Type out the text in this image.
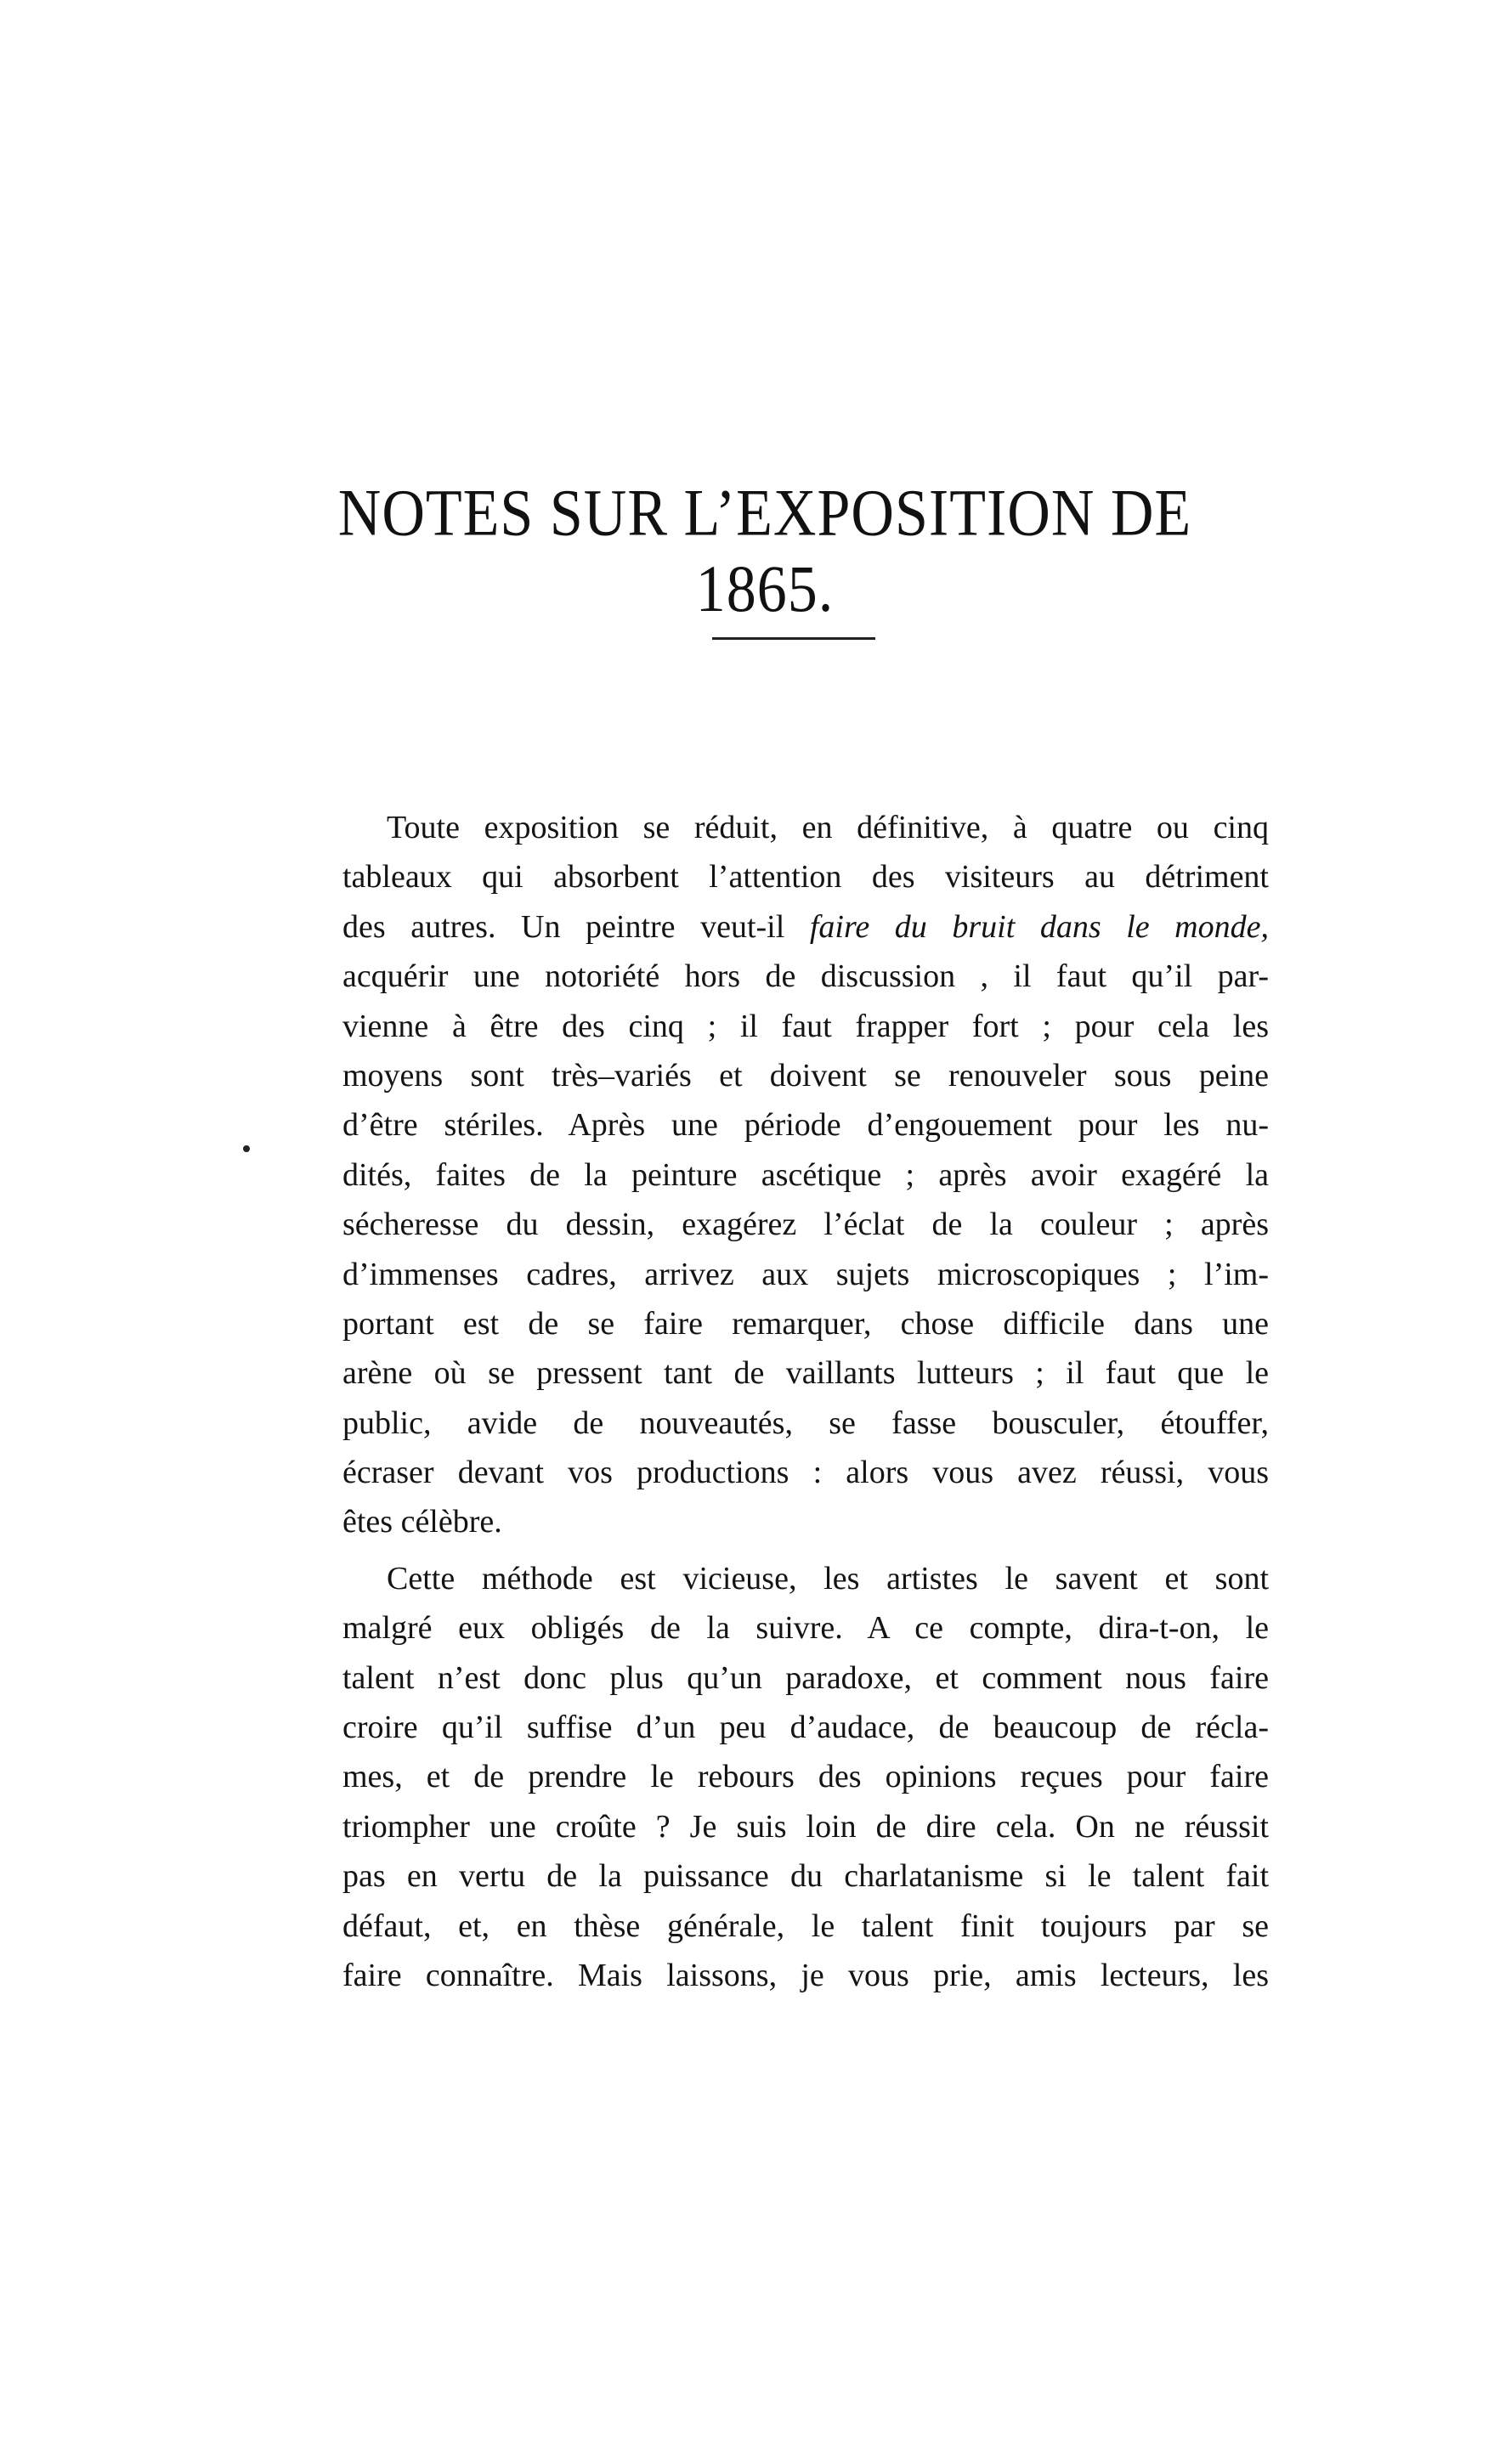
NOTES SUR L’EXPOSITION DE 1865.
Toute exposition se réduit, en définitive, à quatre ou cinq
tableaux qui absorbent l’attention des visiteurs au détriment
des autres. Un peintre veut-il faire du bruit dans le monde,
acquérir une notoriété hors de discussion , il faut qu’il par-
vienne à être des cinq ; il faut frapper fort ; pour cela les
moyens sont très–variés et doivent se renouveler sous peine
d’être stériles. Après une période d’engouement pour les nu-
dités, faites de la peinture ascétique ; après avoir exagéré la
sécheresse du dessin, exagérez l’éclat de la couleur ; après
d’immenses cadres, arrivez aux sujets microscopiques ; l’im-
portant est de se faire remarquer, chose difficile dans une
arène où se pressent tant de vaillants lutteurs ; il faut que le
public, avide de nouveautés, se fasse bousculer, étouffer,
écraser devant vos productions : alors vous avez réussi, vous
êtes célèbre.
Cette méthode est vicieuse, les artistes le savent et sont
malgré eux obligés de la suivre. A ce compte, dira-t-on, le
talent n’est donc plus qu’un paradoxe, et comment nous faire
croire qu’il suffise d’un peu d’audace, de beaucoup de récla-
mes, et de prendre le rebours des opinions reçues pour faire
triompher une croûte ? Je suis loin de dire cela. On ne réussit
pas en vertu de la puissance du charlatanisme si le talent fait
défaut, et, en thèse générale, le talent finit toujours par se
faire connaître. Mais laissons, je vous prie, amis lecteurs, les
